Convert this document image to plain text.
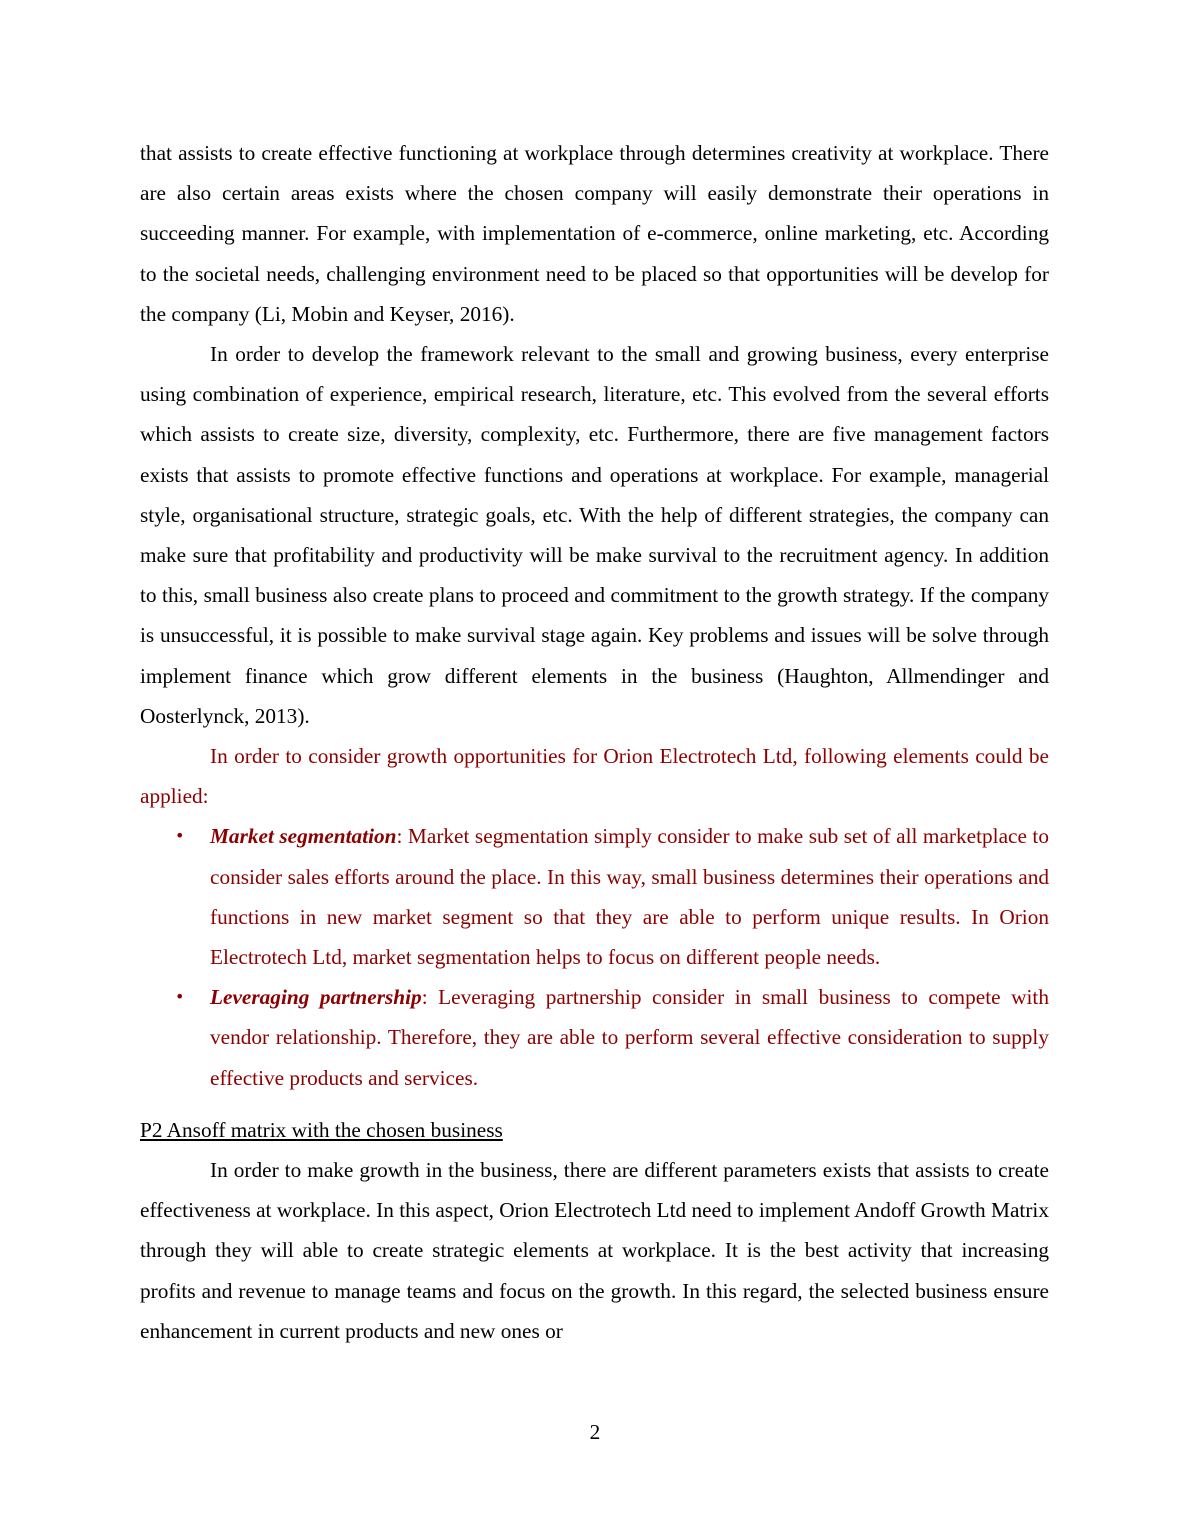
that assists to create effective functioning at workplace through determines creativity at workplace. There are also certain areas exists where the chosen company will easily demonstrate their operations in succeeding manner. For example, with implementation of e-commerce, online marketing, etc. According to the societal needs, challenging environment need to be placed so that opportunities will be develop for the company (Li, Mobin and Keyser, 2016).

In order to develop the framework relevant to the small and growing business, every enterprise using combination of experience, empirical research, literature, etc. This evolved from the several efforts which assists to create size, diversity, complexity, etc. Furthermore, there are five management factors exists that assists to promote effective functions and operations at workplace. For example, managerial style, organisational structure, strategic goals, etc. With the help of different strategies, the company can make sure that profitability and productivity will be make survival to the recruitment agency. In addition to this, small business also create plans to proceed and commitment to the growth strategy. If the company is unsuccessful, it is possible to make survival stage again. Key problems and issues will be solve through implement finance which grow different elements in the business (Haughton, Allmendinger and Oosterlynck, 2013).

In order to consider growth opportunities for Orion Electrotech Ltd, following elements could be applied:

• Market segmentation: Market segmentation simply consider to make sub set of all marketplace to consider sales efforts around the place. In this way, small business determines their operations and functions in new market segment so that they are able to perform unique results. In Orion Electrotech Ltd, market segmentation helps to focus on different people needs.

• Leveraging partnership: Leveraging partnership consider in small business to compete with vendor relationship. Therefore, they are able to perform several effective consideration to supply effective products and services.

P2 Ansoff matrix with the chosen business

In order to make growth in the business, there are different parameters exists that assists to create effectiveness at workplace. In this aspect, Orion Electrotech Ltd need to implement Andoff Growth Matrix through they will able to create strategic elements at workplace. It is the best activity that increasing profits and revenue to manage teams and focus on the growth. In this regard, the selected business ensure enhancement in current products and new ones or

2
